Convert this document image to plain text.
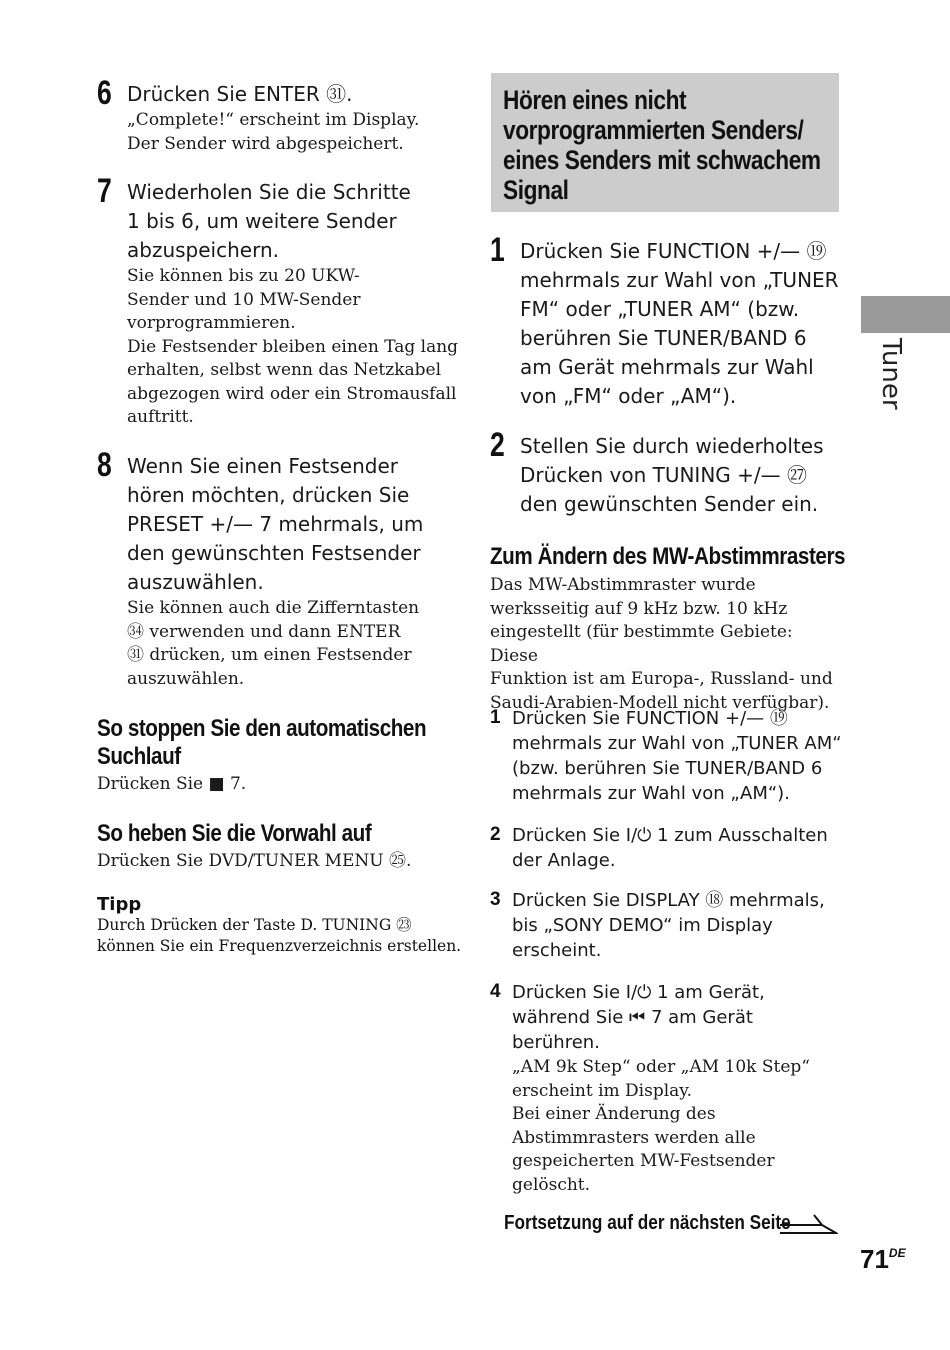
6 Drücken Sie ENTER ㉛.
„Complete!“ erscheint im Display.
Der Sender wird abgespeichert.
7 Wiederholen Sie die Schritte
1 bis 6, um weitere Sender
abzuspeichern.
Sie können bis zu 20 UKW-
Sender und 10 MW-Sender
vorprogrammieren.
Die Festsender bleiben einen Tag lang
erhalten, selbst wenn das Netzkabel
abgezogen wird oder ein Stromausfall
auftritt.
8 Wenn Sie einen Festsender
hören möchten, drücken Sie
PRESET +/— 7 mehrmals, um
den gewünschten Festsender
auszuwählen.
Sie können auch die Zifferntasten
㉞ verwenden und dann ENTER
㉛ drücken, um einen Festsender
auszuwählen.
So stoppen Sie den automatischen
Suchlauf
Drücken Sie ■ 7.
So heben Sie die Vorwahl auf
Drücken Sie DVD/TUNER MENU ㉕.
Tipp
Durch Drücken der Taste D. TUNING ㉓
können Sie ein Frequenzverzeichnis erstellen.
Hören eines nicht
vorprogrammierten Senders/
eines Senders mit schwachem
Signal
1 Drücken Sie FUNCTION +/— ⑲
mehrmals zur Wahl von „TUNER
FM“ oder „TUNER AM“ (bzw.
berühren Sie TUNER/BAND 6
am Gerät mehrmals zur Wahl
von „FM“ oder „AM“).
2 Stellen Sie durch wiederholtes
Drücken von TUNING +/— ㉗
den gewünschten Sender ein.
Zum Ändern des MW-Abstimmrasters
Das MW-Abstimmraster wurde
werksseitig auf 9 kHz bzw. 10 kHz
eingestellt (für bestimmte Gebiete: Diese
Funktion ist am Europa-, Russland- und
Saudi-Arabien-Modell nicht verfügbar).
1 Drücken Sie FUNCTION +/— ⑲
mehrmals zur Wahl von „TUNER AM“
(bzw. berühren Sie TUNER/BAND 6
mehrmals zur Wahl von „AM“).
2 Drücken Sie I/⏻ 1 zum Ausschalten
der Anlage.
3 Drücken Sie DISPLAY ⑱ mehrmals,
bis „SONY DEMO“ im Display
erscheint.
4 Drücken Sie I/⏻ 1 am Gerät,
während Sie ⏮ 7 am Gerät
berühren.
„AM 9k Step“ oder „AM 10k Step“
erscheint im Display.
Bei einer Änderung des
Abstimmrasters werden alle
gespeicherten MW-Festsender
gelöscht.
Fortsetzung auf der nächsten Seite
Tuner
71DE
